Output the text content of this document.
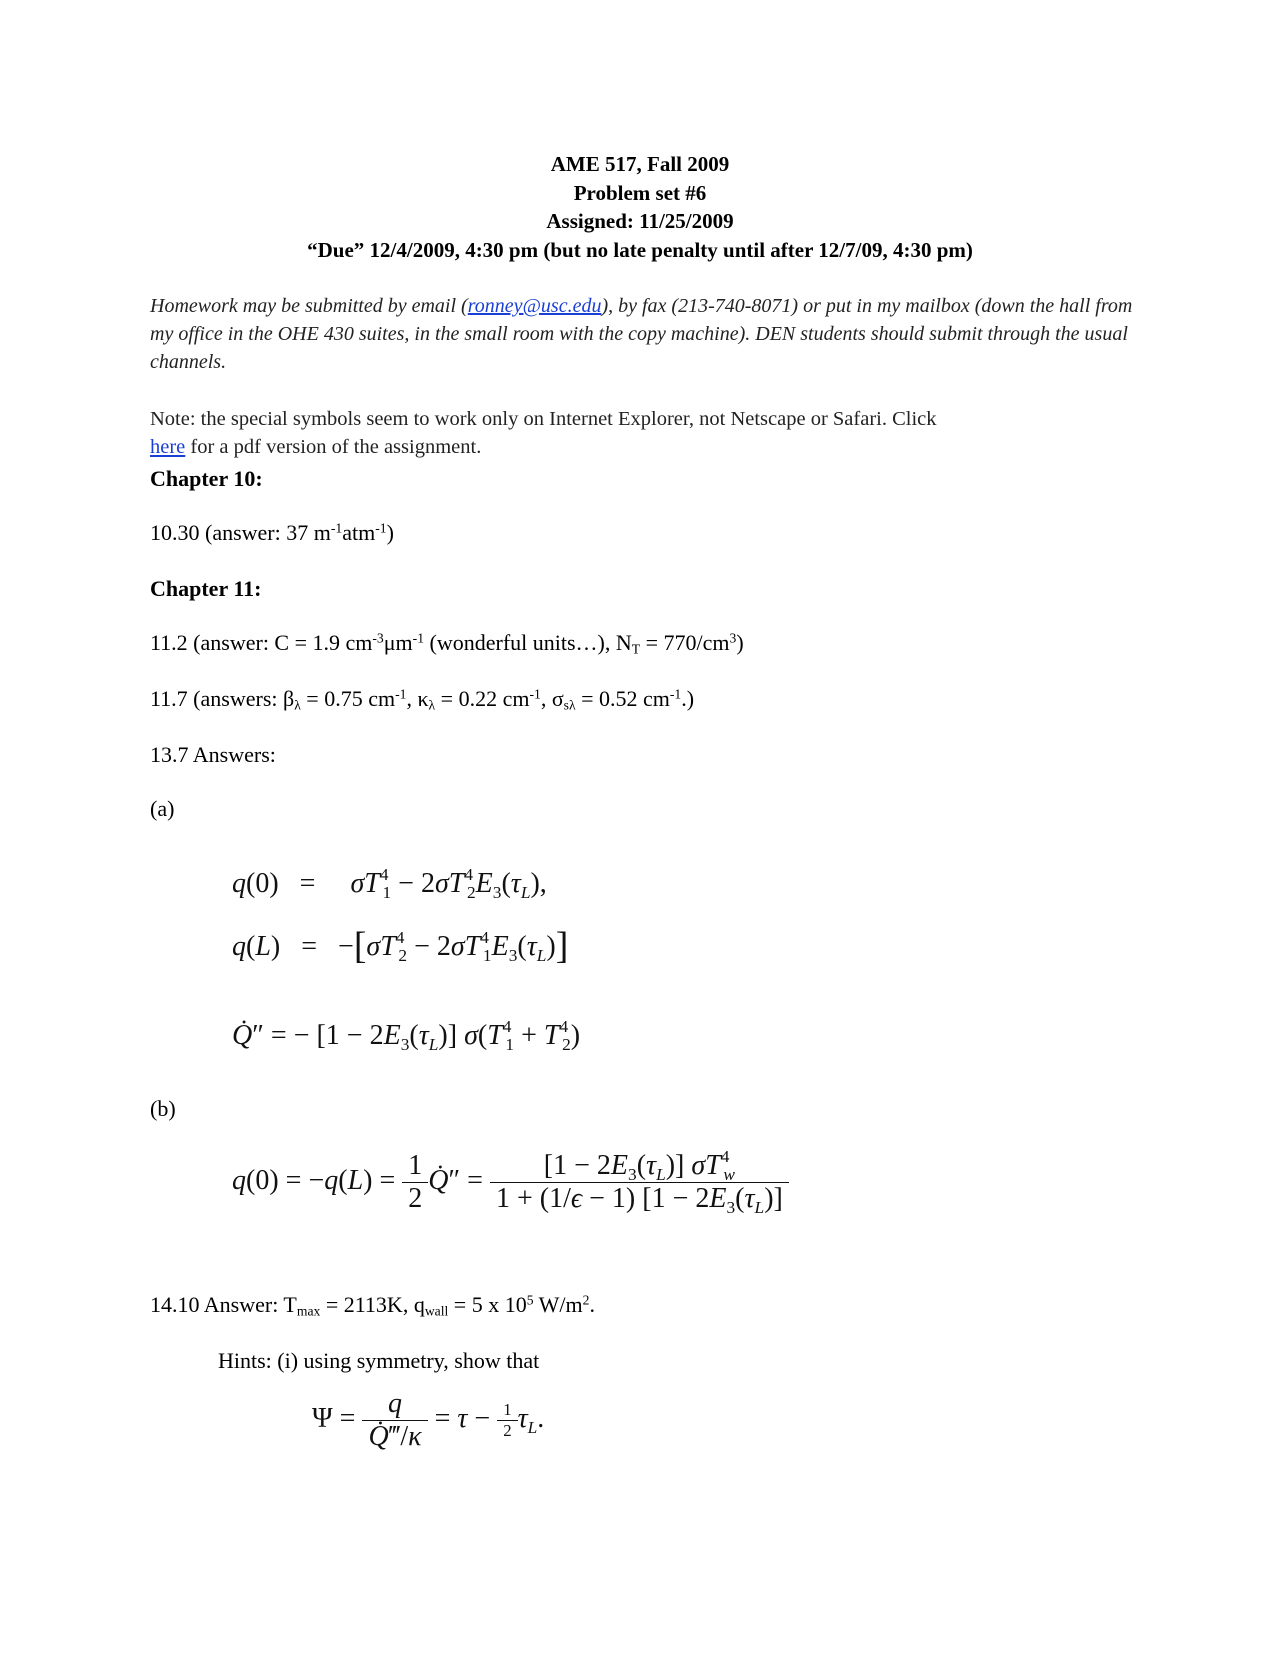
AME 517, Fall 2009
Problem set #6
Assigned: 11/25/2009
“Due” 12/4/2009, 4:30 pm (but no late penalty until after 12/7/09, 4:30 pm)
Homework may be submitted by email (ronney@usc.edu), by fax (213-740-8071) or put in my mailbox (down the hall from my office in the OHE 430 suites, in the small room with the copy machine). DEN students should submit through the usual channels.
Note: the special symbols seem to work only on Internet Explorer, not Netscape or Safari. Click
here for a pdf version of the assignment.
Chapter 10:
10.30 (answer: 37 $m^{-1}atm^{-1}$)
Chapter 11:
11.2 (answer: C = 1.9 $cm^{-3}\mu m^{-1}$ (wonderful units…), $N_T = 770/cm^3$)
11.7 (answers: $\beta_\lambda = 0.75$ $cm^{-1}$, $\kappa_\lambda = 0.22$ $cm^{-1}$, $\sigma_{s\lambda} = 0.52$ $cm^{-1}$.)
13.7 Answers:
(a)
q(0)   =     $\sigma T^4_1 - 2\sigma T^4_2E_3(\tau_L)$,
$q(L) = -[\sigma T^4_2 - 2\sigma T^4_1E_3(\tau_L)]$
Q̇″ = − $[1 - 2E_3(\tau_L)]$ $\sigma(T^4_1 + T^4_2)$
(b)
$q(0) = -q(L) = \frac{1}{2}$ Q̇″ = $\frac{[1 - 2E_3(\tau_L)] \sigma T^4_w}{1 + (1/\epsilon - 1) [1 - 2E_3(\tau_L)]}$
14.10 Answer: $T_{max} = 2113K$, $q_{wall} = 5$ x $10^5$ $W/m^2$.
Hints: (i) using symmetry, show that
$\Psi = \frac{q}{Q̇‴/\kappa} = \tau - \frac{1}{2} \tau_L$.
